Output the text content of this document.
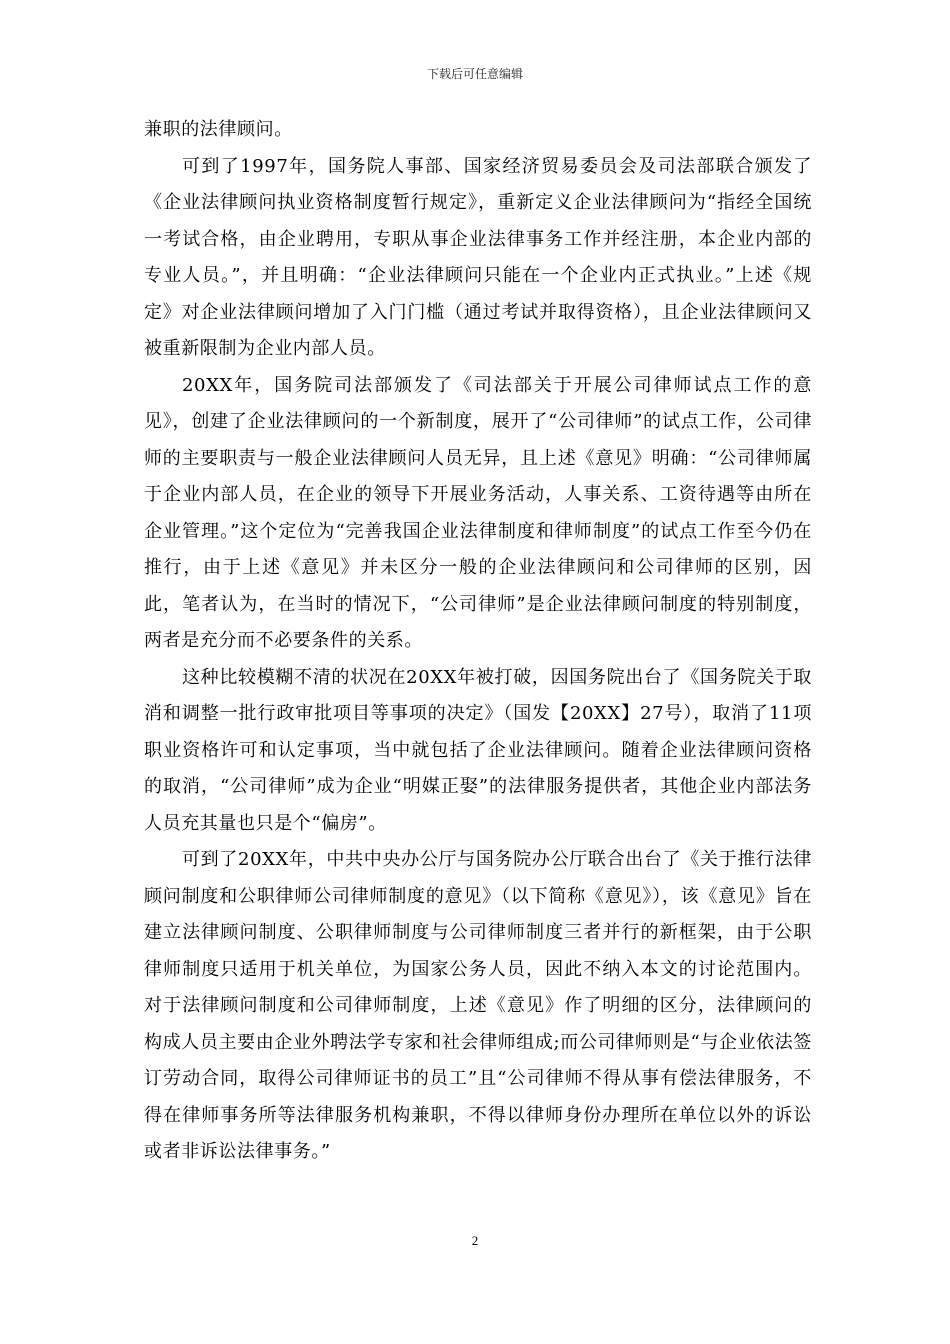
下载后可任意编辑

兼职的法律顾问。

可到了1997年，国务院人事部、国家经济贸易委员会及司法部联合颁发了《企业法律顾问执业资格制度暂行规定》，重新定义企业法律顾问为“指经全国统一考试合格，由企业聘用，专职从事企业法律事务工作并经注册，本企业内部的专业人员。”，并且明确：“企业法律顾问只能在一个企业内正式执业。”上述《规定》对企业法律顾问增加了入门门槛（通过考试并取得资格），且企业法律顾问又被重新限制为企业内部人员。

20XX年，国务院司法部颁发了《司法部关于开展公司律师试点工作的意见》，创建了企业法律顾问的一个新制度，展开了“公司律师”的试点工作，公司律师的主要职责与一般企业法律顾问人员无异，且上述《意见》明确：“公司律师属于企业内部人员，在企业的领导下开展业务活动，人事关系、工资待遇等由所在企业管理。”这个定位为“完善我国企业法律制度和律师制度”的试点工作至今仍在推行，由于上述《意见》并未区分一般的企业法律顾问和公司律师的区别，因此，笔者认为，在当时的情况下，“公司律师”是企业法律顾问制度的特别制度，两者是充分而不必要条件的关系。

这种比较模糊不清的状况在20XX年被打破，因国务院出台了《国务院关于取消和调整一批行政审批项目等事项的决定》（国发【20XX】27号），取消了11项职业资格许可和认定事项，当中就包括了企业法律顾问。随着企业法律顾问资格的取消，“公司律师”成为企业“明媒正娶”的法律服务提供者，其他企业内部法务人员充其量也只是个“偏房”。

可到了20XX年，中共中央办公厅与国务院办公厅联合出台了《关于推行法律顾问制度和公职律师公司律师制度的意见》（以下简称《意见》），该《意见》旨在建立法律顾问制度、公职律师制度与公司律师制度三者并行的新框架，由于公职律师制度只适用于机关单位，为国家公务人员，因此不纳入本文的讨论范围内。对于法律顾问制度和公司律师制度，上述《意见》作了明细的区分，法律顾问的构成人员主要由企业外聘法学专家和社会律师组成;而公司律师则是“与企业依法签订劳动合同，取得公司律师证书的员工”且“公司律师不得从事有偿法律服务，不得在律师事务所等法律服务机构兼职，不得以律师身份办理所在单位以外的诉讼或者非诉讼法律事务。”

2
